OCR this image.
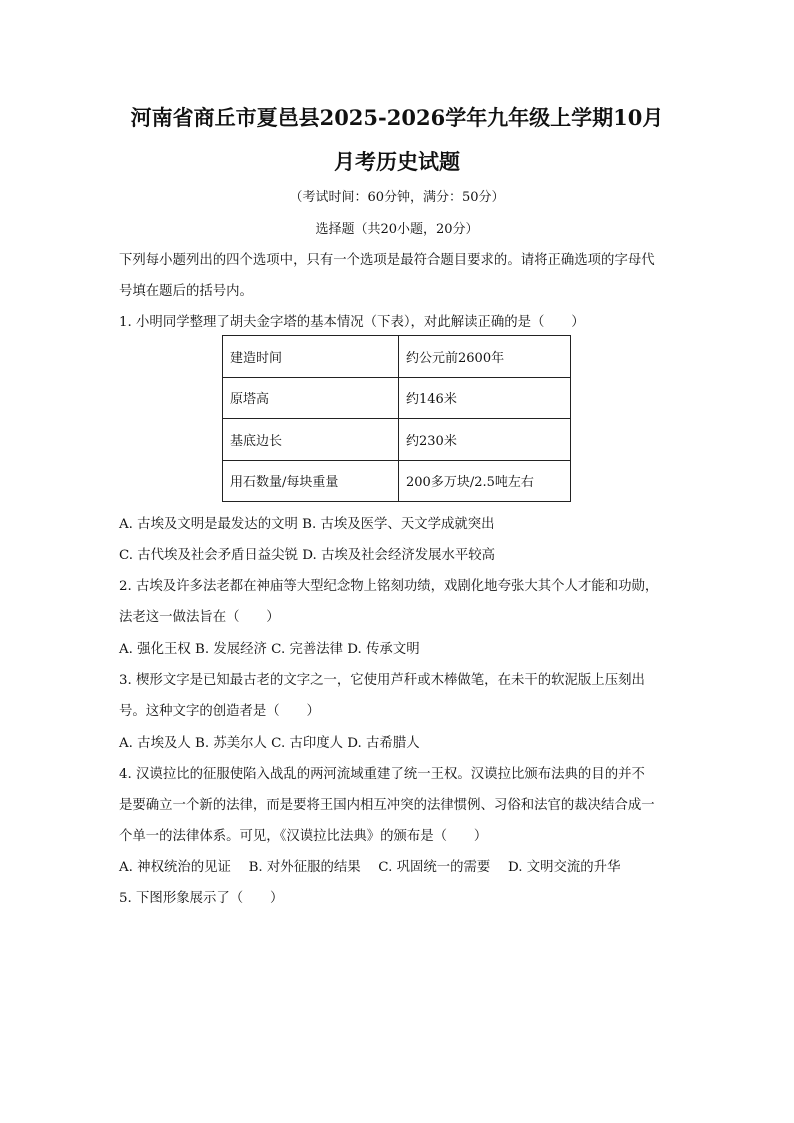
河南省商丘市夏邑县2025-2026学年九年级上学期10月
月考历史试题
（考试时间：60分钟，满分：50分）
选择题（共20小题，20分）
下列每小题列出的四个选项中，只有一个选项是最符合题目要求的。请将正确选项的字母代
号填在题后的括号内。
1. 小明同学整理了胡夫金字塔的基本情况（下表），对此解读正确的是（　　）
建造时间	约公元前2600年
原塔高	约146米
基底边长	约230米
用石数量/每块重量	200多万块/2.5吨左右
A. 古埃及文明是最发达的文明 B. 古埃及医学、天文学成就突出
C. 古代埃及社会矛盾日益尖锐 D. 古埃及社会经济发展水平较高
2. 古埃及许多法老都在神庙等大型纪念物上铭刻功绩，戏剧化地夸张大其个人才能和功勋，
法老这一做法旨在（　　）
A. 强化王权 B. 发展经济 C. 完善法律 D. 传承文明
3. 楔形文字是已知最古老的文字之一，它使用芦秆或木棒做笔，在未干的软泥版上压刻出
号。这种文字的创造者是（　　）
A. 古埃及人 B. 苏美尔人 C. 古印度人 D. 古希腊人
4. 汉谟拉比的征服使陷入战乱的两河流域重建了统一王权。汉谟拉比颁布法典的目的并不
是要确立一个新的法律，而是要将王国内相互冲突的法律惯例、习俗和法官的裁决结合成一
个单一的法律体系。可见，《汉谟拉比法典》的颁布是（　　）
A. 神权统治的见证　 B. 对外征服的结果　 C. 巩固统一的需要　 D. 文明交流的升华
5. 下图形象展示了（　　）
